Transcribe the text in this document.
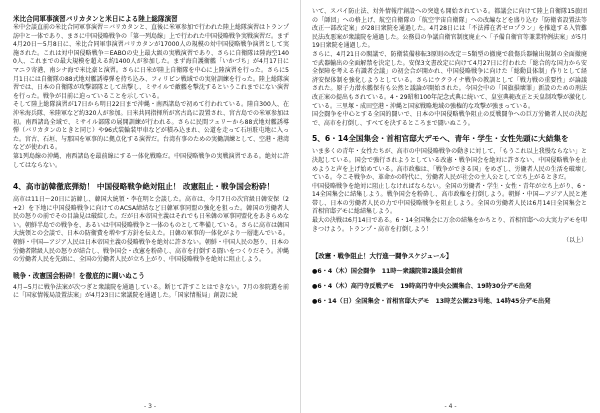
米比合同軍事演習バリカタンと米日による陸上総隊演習

米中会談直前の米比合同軍事演習＝バリカタンと、直後に米軍参加で行われた陸上総隊演習はトランプ訪中と一体であり、まさに中国侵略戦争の「第一列島線」上で行われた中国侵略戦争実戦演習だ。まず4月20日〜5月8日に、米比合同軍事演習バリカタンが17000人の規模の対中国侵略戦争演習として実施された。これは対中国侵略戦争＝EABOの史上最大級の実戦演習であり、さらに自衛隊は陸海空1400人、これまでの最大規模を超える約1400人が参加した。まず海自護衛艦「いかづち」が4月17日にマニラ寄港、南シナ海で米比豪と演習。さらに日米が陸上自衛隊を中心に上陸演習を行った。さらに5月1日には自衛隊の88式地対艦誘導弾を持ち込み、フィリピン戦域での実射訓練を行った。陸上総隊演習では、日本の自衛隊が攻撃部隊として出撃し、ミサイルで敵艦を撃沈するというこれまでにない演習を行った。戦争が目前に迫っていることを示している。

そして陸上総隊演習が17日から明日22日まで沖縄・南西諸島で初めて行われている。陸自300人、在沖米海兵隊、米陸軍など約320人が参加。日米共同指揮所が宮古島に設置され、宮古島での米軍参加は初。南西諸島全域で、ミサイル部隊の展開訓練が行われる。さらに民間フェリーから88式地対艦誘導弾（バリカタンのときと同じ）や96式装輪装甲車などが積み込まれ、公道を走って石垣駐屯地に入った。宮古、石垣、与那国を軍事的に拠点化する演習だ。台湾有事のための実働訓練として、空港・港湾などが使われる。

第1列島線の沖縄、南西諸島を最前線にする一体化戦略だ。中国侵略戦争の実戦演習である。絶対に許してはならない。

4、高市訪韓徹底弾劾！ 中国侵略戦争絶対阻止！ 改憲阻止・戦争国会粉砕！

高市は11日〜20日に訪韓し、韓国大統領・李在明と会談した。高市は、今月7日の次官級日韓安保（2+2）を下地に中国侵略戦争に向けてのACSA締結など日韓軍事同盟の強化を狙った。韓国の労働者人民の怒りの前でその目論見は破綻した。だが日本帝国主義はそれでも日米韓の軍事同盟化をあきらめない。朝鮮半島での戦争を、あるいは中国侵略戦争と一体のものとして準備している。さらに高市は韓国大統領との会談で、日本の防衛費を増やす方針を伝えた。日韓の軍事的一体化がより一層進んでいる。

朝鮮・中国—アジア人民は日本帝国主義の侵略戦争を絶対に許さない。朝鮮・中国人民の怒り、日本の労働者階級人民の怒りが結合し、戦争国会・改憲を粉砕し、高市を打倒する闘いをつくりだそう。沖縄の労働者人民を先頭に、全国の労働者人民が立ち上がり、中国侵略戦争を絶対に阻止しよう。

戦争・改憲国会粉砕！を徹底的に闘いぬこう

4月−5月に戦争法案が次つぎと衆議院を通過している。断じて許すことはできない。7月の参院選を前に「国家情報局設置法案」が4月23日に衆議院を通過した。「国家情報局」創設に続

- 3 -

いて、スパイ防止法、対外情報庁創設への突進も開始されている。都議会に向けて陸上自衛隊15旅団の「師団」への格上げ、航空自衛隊の「航空宇宙自衛隊」への改編などを盛り込む「防衛省設置法等改正一部改定案」が28日衆院を通過した。4月28日には「不法滞在者ゼロプラン」を推進する入管難民法改悪案が衆議院を通過した。公務員の争議自衛官制度廃止へ「予備自衛官等兼業特例法案」が5月19日衆院を通過した。

さらに、4月21日の閣議で、防衛装備移転3原則の改定＝5類型の撤廃で殺傷兵器輸出規制の全面撤廃で武器輸出の全面解禁を決定した。安保3文書改定に向けて4月27日に行われた「総合的な国力から安全保障を考える有識者会議」の初会合が開かれ、中国侵略戦争に向けた「総動員体制」作りとして経済安保体制を強化しようとしている。さらにウクライナ戦争の教訓として「戦力戦の重要性」が論議された。原子力潜水艦保有も公然と議論が開始された。今国会中の「国旗損壊罪」新設のための刑法改正案の提出もされている。4・29昭和100年記念式典に続いて、皇室典範改正と天皇制攻撃が激化している。三里塚・成田空港・沖縄と国家戦略地域の強権的な攻撃が強まっている。

国会闘争を中心とする全国的闘いで、日本の中国侵略戦争阻止の反戦闘争への巨万労働者人民の決起で、高市を打倒し、すべてを決するところまで闘いぬこう。

5、6・14全国集会・首相官邸大デモへ、青年・学生・女性先頭に大結集を

いま多くの青年・女性たちが、高市の中国侵略戦争の動きに対して、「もうこれ以上我慢ならない」と決起している。国会で強行されようとしている改憲・戦争国会を絶対に許さない、中国侵略戦争を止めようと声を上げ始めている。高市政権は、「戦争ができる国」をめざし、労働者人民の生活を破壊している。今こそ戦争か、革命かの時代に、労働者人民が社会の主人公として立ち上がるときだ。

中国侵略戦争を絶対に阻止しなければならない。全国の労働者・学生・女性・青年が立ち上がり、6・14全国集会に結集しよう。戦争国会を粉砕し、高市政権を打倒しよう。朝鮮・中国—アジア人民と連帯し、日本の労働者人民の力で中国侵略戦争を阻止しよう。全国の労働者人民は6月14日全国集会と首相官邸デモに総結集しよう。

最大の決戦は6月14日である。6・14全国集会に万余の結集をかちとり、首相官邸への大実力デモを叩きつけよう。トランプ・高市を打倒しよう！

（以上）

【改憲・戦争阻止！大行進一闘争スケジュール】

●6・4（木）国会闘争　11時〜衆議院第2議員会館前

●6・4（木）高円寺反戦デモ　19時高円寺中央公園集合、19時30分デモ出発

●6・14（日）全国集会・首相官邸大デモ　13時芝公園23号地、14時45分デモ出発

- 4 -
